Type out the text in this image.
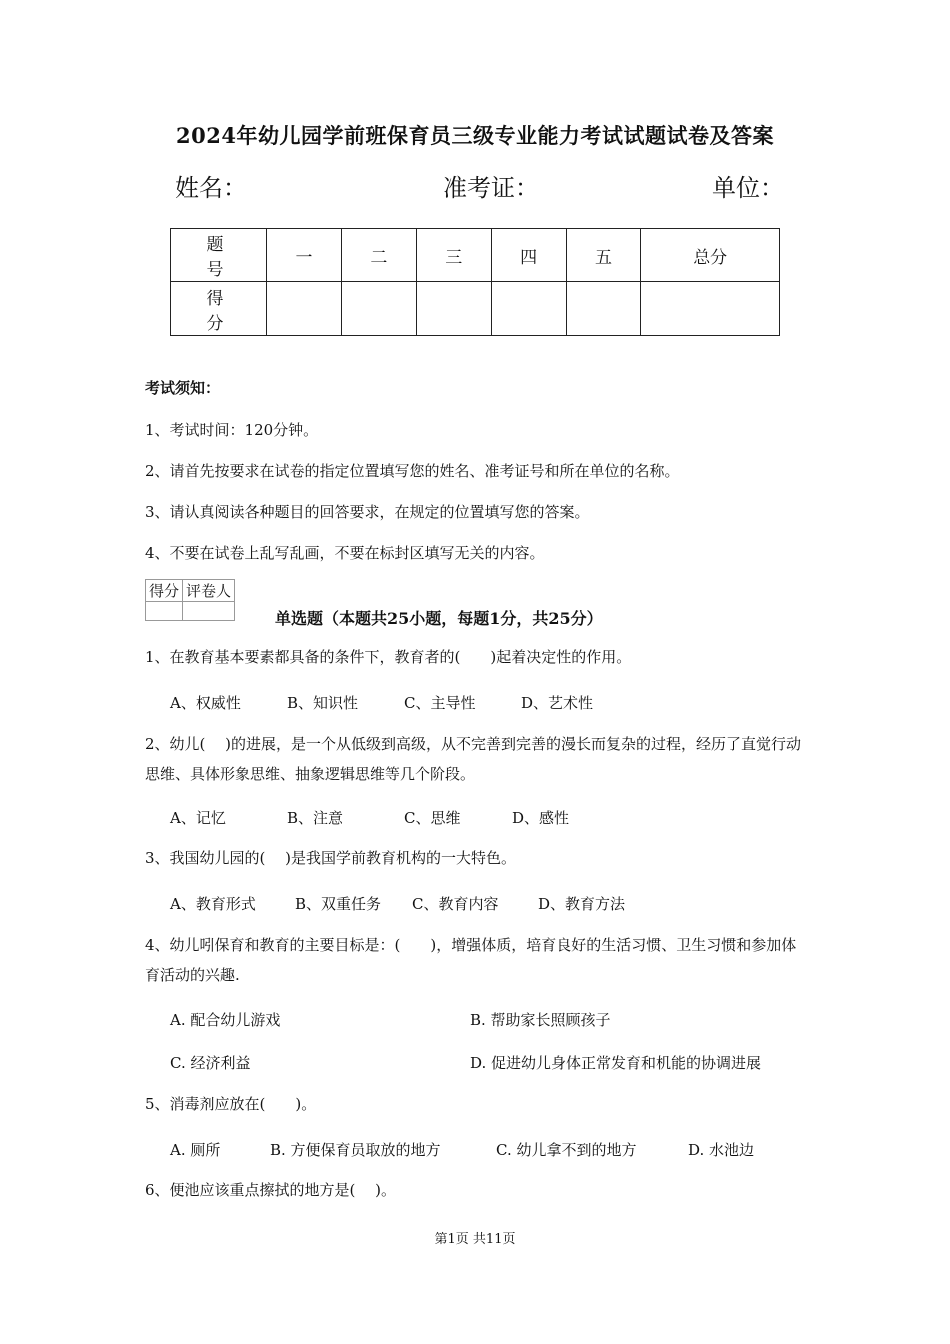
2024年幼儿园学前班保育员三级专业能力考试试题试卷及答案
姓名：	准考证：	单位：
题　号	一	二	三	四	五	总分
得　分						
考试须知：
1、考试时间：120分钟。
2、请首先按要求在试卷的指定位置填写您的姓名、准考证号和所在单位的名称。
3、请认真阅读各种题目的回答要求，在规定的位置填写您的答案。
4、不要在试卷上乱写乱画，不要在标封区填写无关的内容。
得分	评卷人

单选题（本题共25小题，每题1分，共25分）
1、在教育基本要素都具备的条件下，教育者的(　　)起着决定性的作用。
A、权威性	B、知识性	C、主导性	D、艺术性
2、幼儿(　 )的进展，是一个从低级到高级，从不完善到完善的漫长而复杂的过程，经历了直觉行动思维、具体形象思维、抽象逻辑思维等几个阶段。
A、记忆	B、注意	C、思维	D、感性
3、我国幼儿园的(　 )是我国学前教育机构的一大特色。
A、教育形式	B、双重任务 C、教育内容	D、教育方法
4、幼儿吲保育和教育的主要目标是：(　　)，增强体质，培育良好的生活习惯、卫生习惯和参加体育活动的兴趣.
A. 配合幼儿游戏	B. 帮助家长照顾孩子
C. 经济利益	D. 促进幼儿身体正常发育和机能的协调进展
5、消毒剂应放在(　　)。
A. 厕所	B. 方便保育员取放的地方	C. 幼儿拿不到的地方	D. 水池边
6、便池应该重点擦拭的地方是(　 )。
第1页 共11页
